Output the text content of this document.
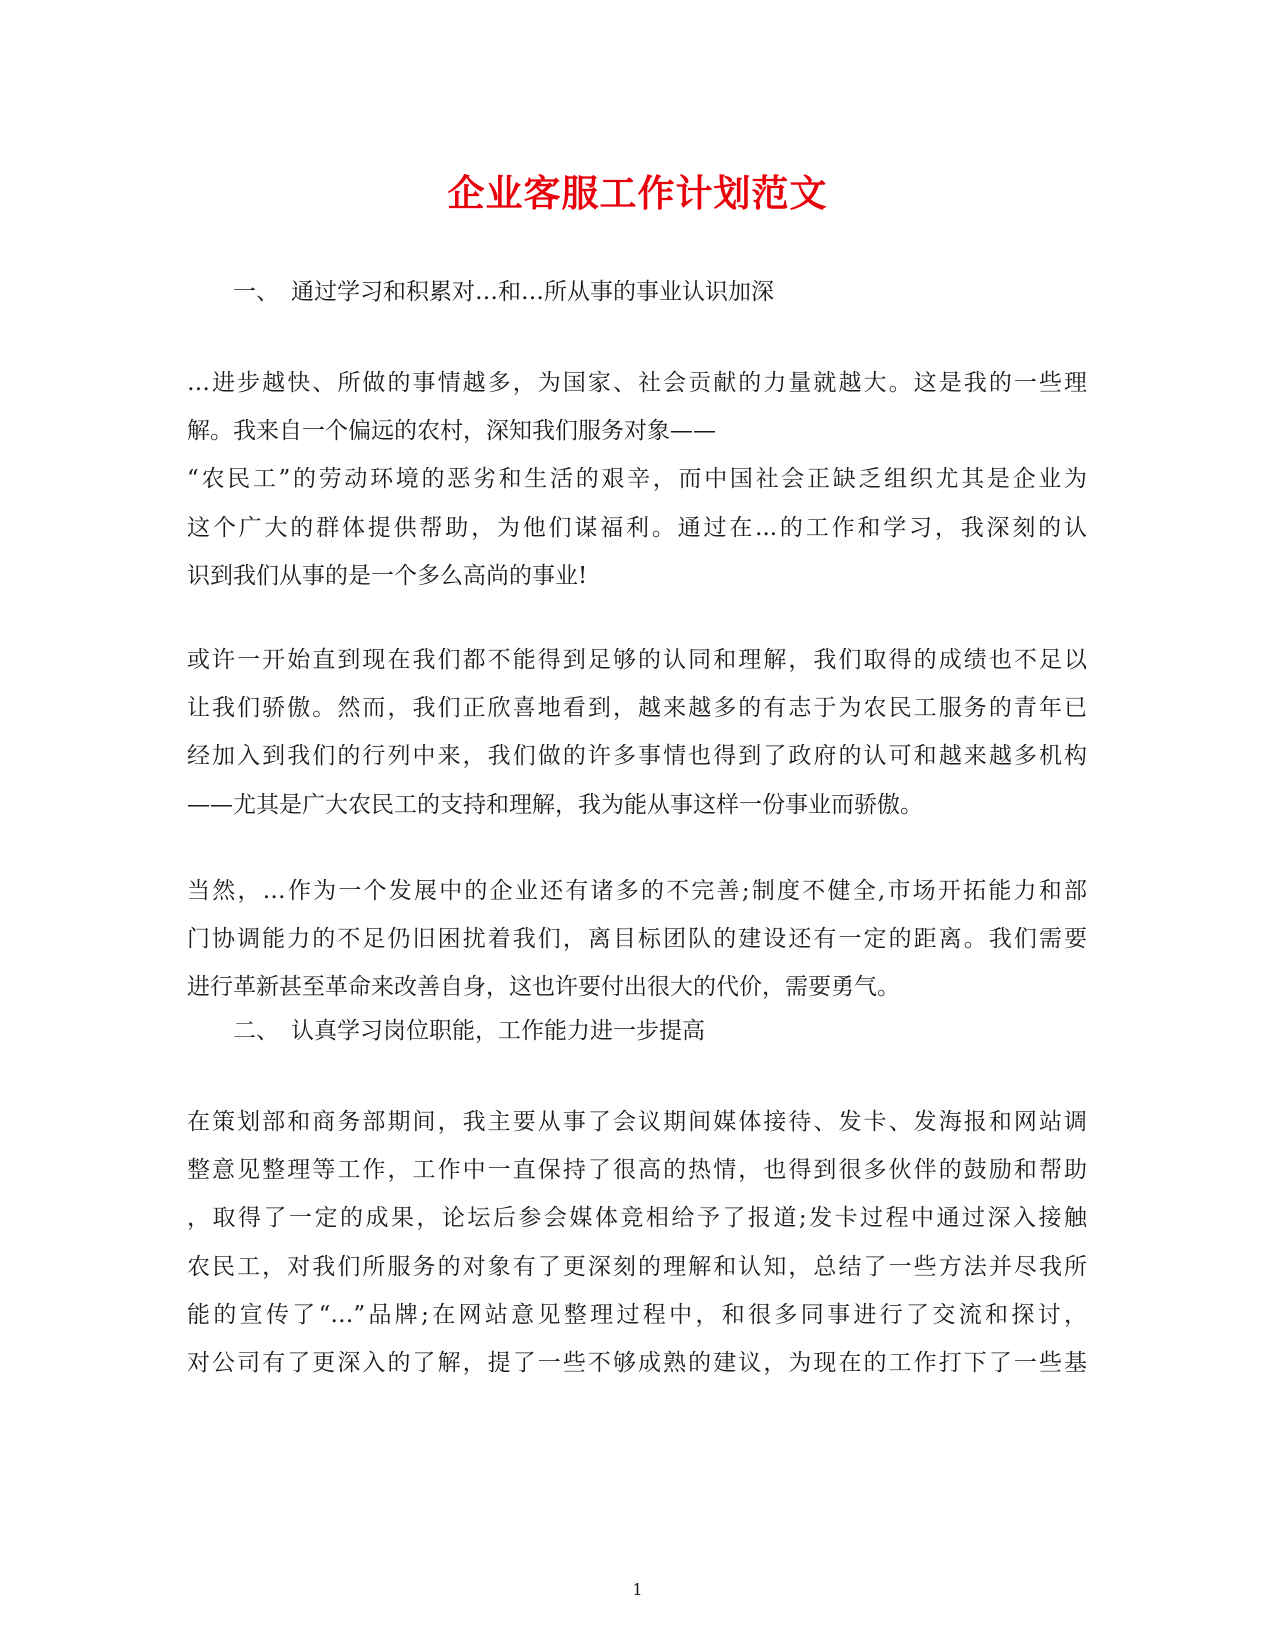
企业客服工作计划范文

一、 通过学习和积累对…和…所从事的事业认识加深

…进步越快、所做的事情越多，为国家、社会贡献的力量就越大。这是我的一些理
解。我来自一个偏远的农村，深知我们服务对象——
“农民工”的劳动环境的恶劣和生活的艰辛，而中国社会正缺乏组织尤其是企业为
这个广大的群体提供帮助，为他们谋福利。通过在...的工作和学习，我深刻的认
识到我们从事的是一个多么高尚的事业!
或许一开始直到现在我们都不能得到足够的认同和理解，我们取得的成绩也不足以
让我们骄傲。然而，我们正欣喜地看到，越来越多的有志于为农民工服务的青年已
经加入到我们的行列中来，我们做的许多事情也得到了政府的认可和越来越多机构
——尤其是广大农民工的支持和理解，我为能从事这样一份事业而骄傲。
当然，…作为一个发展中的企业还有诸多的不完善;制度不健全,市场开拓能力和部
门协调能力的不足仍旧困扰着我们，离目标团队的建设还有一定的距离。我们需要
进行革新甚至革命来改善自身，这也许要付出很大的代价，需要勇气。

二、 认真学习岗位职能，工作能力进一步提高

在策划部和商务部期间，我主要从事了会议期间媒体接待、发卡、发海报和网站调
整意见整理等工作，工作中一直保持了很高的热情，也得到很多伙伴的鼓励和帮助
，取得了一定的成果，论坛后参会媒体竞相给予了报道;发卡过程中通过深入接触
农民工，对我们所服务的对象有了更深刻的理解和认知，总结了一些方法并尽我所
能的宣传了“…”品牌;在网站意见整理过程中，和很多同事进行了交流和探讨，
对公司有了更深入的了解，提了一些不够成熟的建议，为现在的工作打下了一些基

1
